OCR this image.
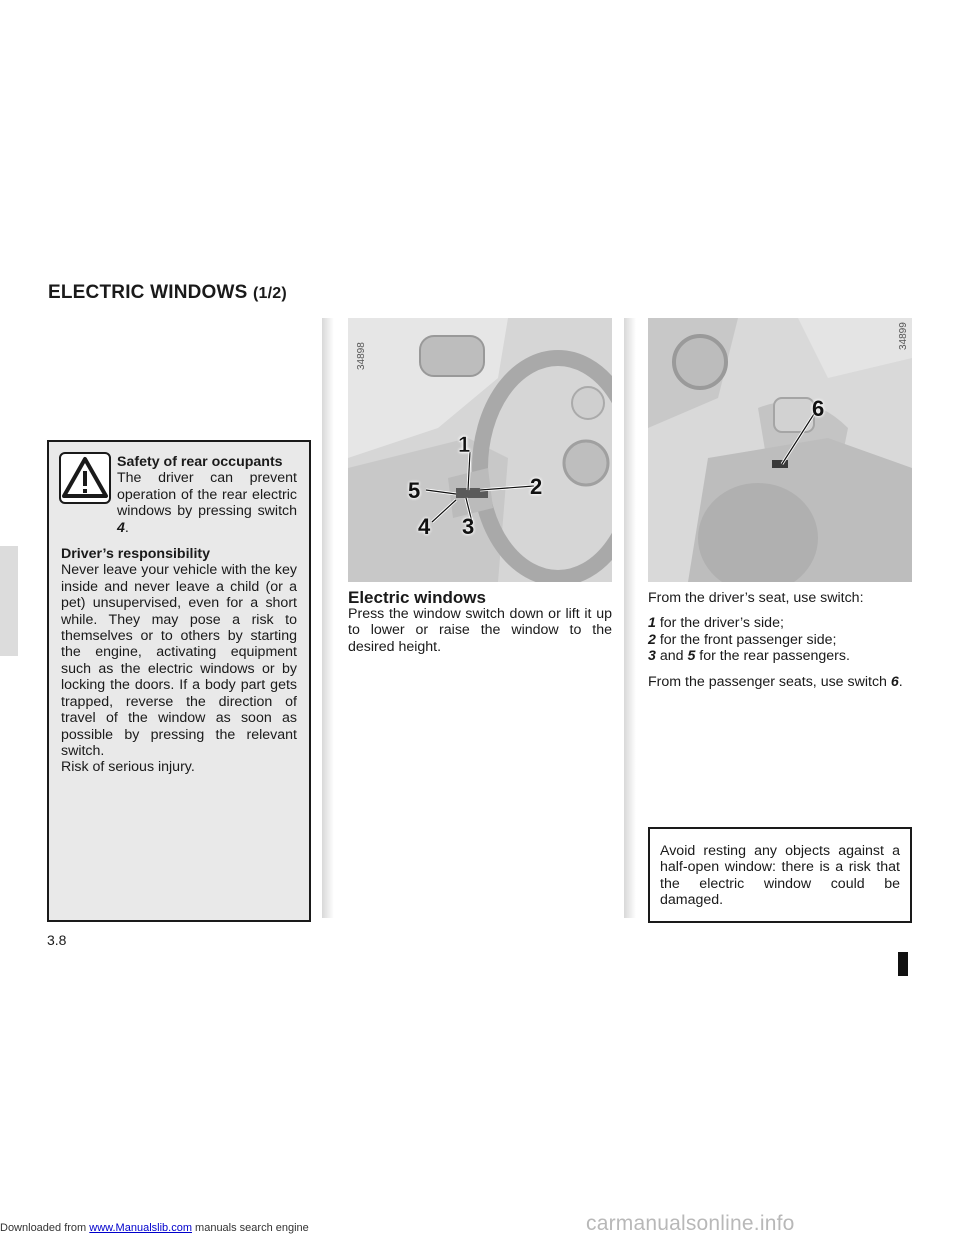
ELECTRIC WINDOWS (1/2)
Safety of rear occupants
The driver can prevent operation of the rear electric windows by pressing switch 4.
Driver’s responsibility
Never leave your vehicle with the key inside and never leave a child (or a pet) unsupervised, even for a short while. They may pose a risk to themselves or to others by starting the engine, activating equipment such as the electric windows or by locking the doors. If a body part gets trapped, reverse the direction of travel of the window as soon as possible by pressing the relevant switch.
Risk of serious injury.
34898
1
2
3
4
5
34899
6
Electric windows
Press the window switch down or lift it up to lower or raise the window to the desired height.

From the driver’s seat, use switch:

1 for the driver’s side;

2 for the front passenger side;

3 and 5 for the rear passengers.

From the passenger seats, use switch 6.

Avoid resting any objects against a half-open window: there is a risk that the electric window could be damaged.
3.8
Downloaded from www.Manualslib.com manuals search engine	carmanualsonline.info
